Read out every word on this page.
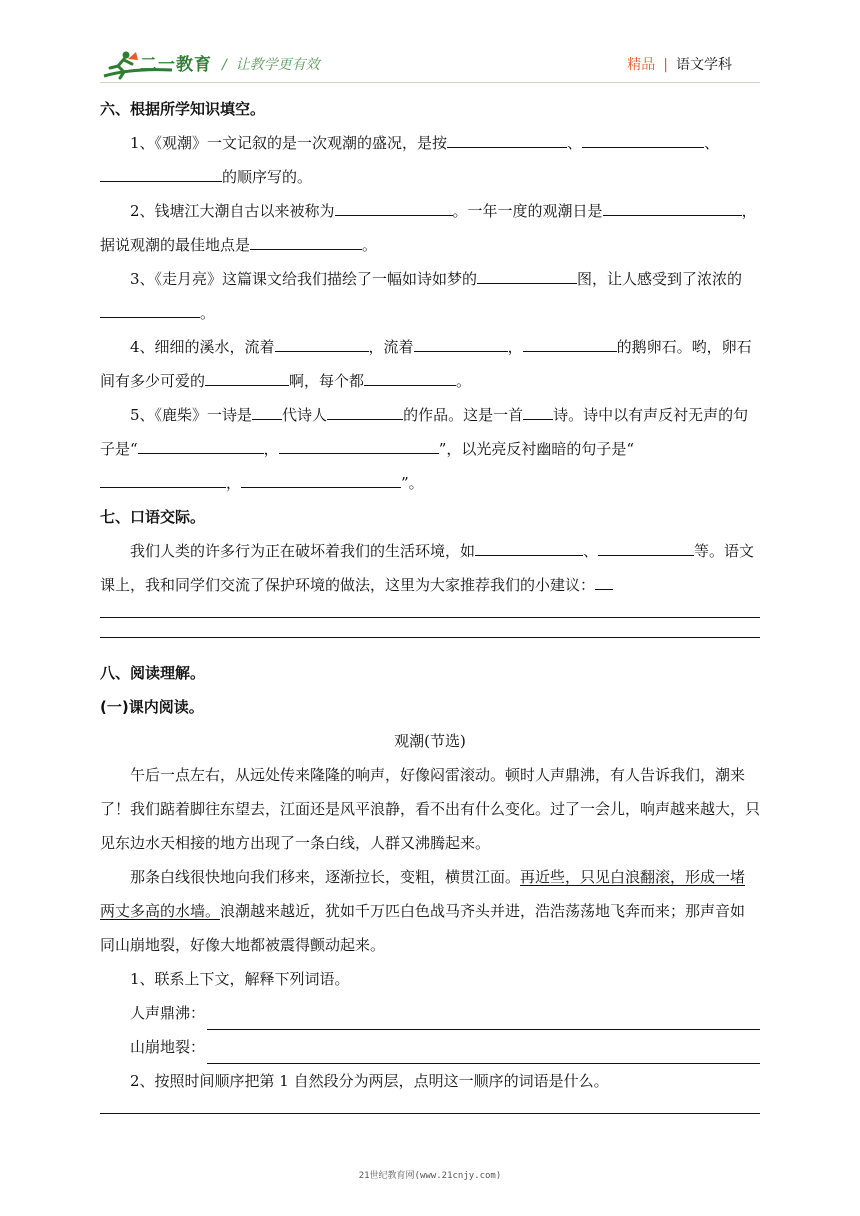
二一教育 / 让教学更有效	精品 | 语文学科
六、根据所学知识填空。

1、《观潮》一文记叙的是一次观潮的盛况，是按	、	、的顺序写的。

2、钱塘江大潮自古以来被称为	。一年一度的观潮日是	，据说观潮的最佳地点是	。

3、《走月亮》这篇课文给我们描绘了一幅如诗如梦的	图，让人感受到了浓浓的。

4、细细的溪水，流着	，流着	，	的鹅卵石。哟，卵石间有多少可爱的	啊，每个都	。

5、《鹿柴》一诗是 代诗人	的作品。这是一首 诗。诗中以有声反衬无声的句子是“	，	”，以光亮反衬幽暗的句子是“，	”。

七、口语交际。

我们人类的许多行为正在破坏着我们的生活环境，如	、	等。语文课上，我和同学们交流了保护环境的做法，这里为大家推荐我们的小建议：

八、阅读理解。
(一)课内阅读。

观潮(节选)

午后一点左右，从远处传来隆隆的响声，好像闷雷滚动。顿时人声鼎沸，有人告诉我们，潮来了！我们踮着脚往东望去，江面还是风平浪静，看不出有什么变化。过了一会儿，响声越来越大，只见东边水天相接的地方出现了一条白线，人群又沸腾起来。

那条白线很快地向我们移来，逐渐拉长，变粗，横贯江面。再近些，只见白浪翻滚，形成一堵两丈多高的水墙。浪潮越来越近，犹如千万匹白色战马齐头并进，浩浩荡荡地飞奔而来；那声音如同山崩地裂，好像大地都被震得颤动起来。

1、联系上下文，解释下列词语。

人声鼎沸：
山崩地裂：

2、按照时间顺序把第 1 自然段分为两层，点明这一顺序的词语是什么。

21世纪教育网(www.21cnjy.com)
